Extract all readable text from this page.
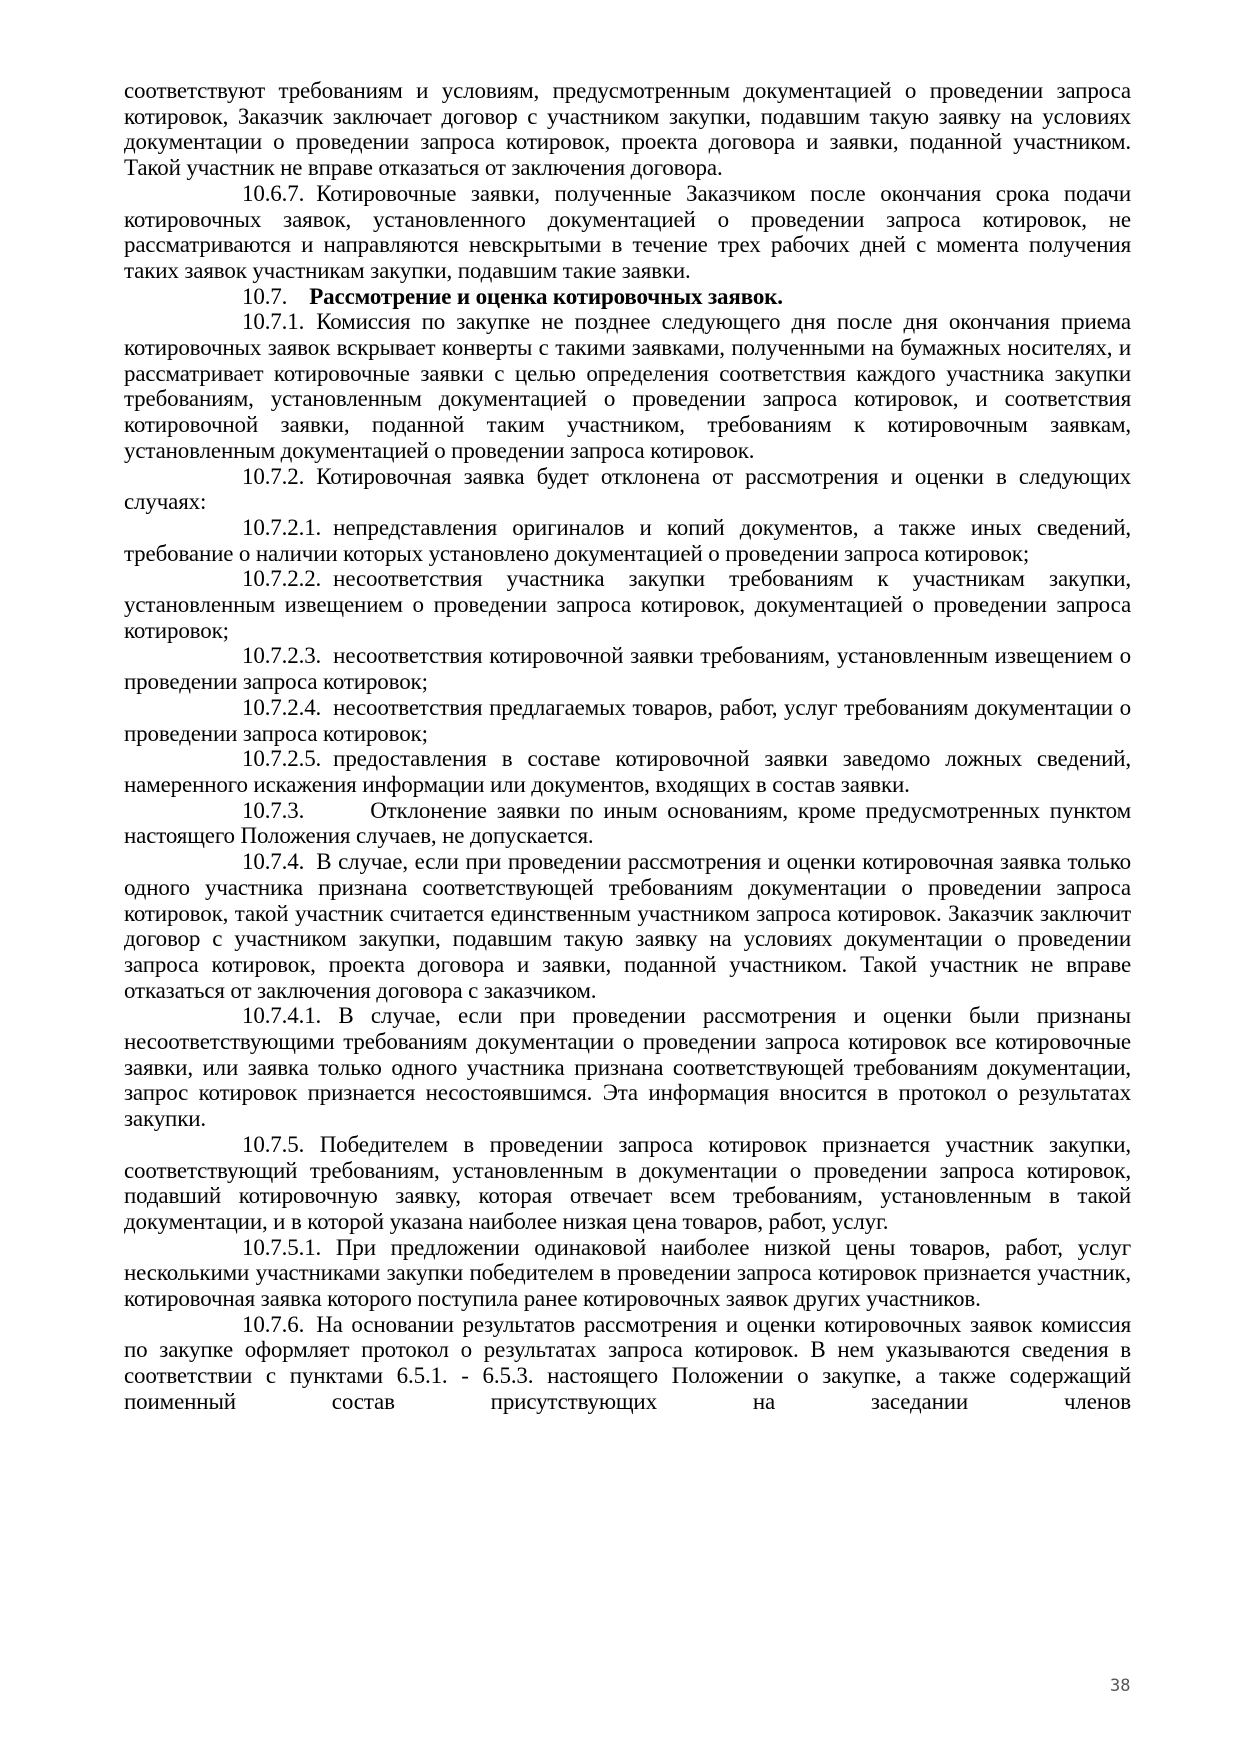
соответствуют требованиям и условиям, предусмотренным документацией о проведении запроса котировок, Заказчик заключает договор с участником закупки, подавшим такую заявку на условиях документации о проведении запроса котировок, проекта договора и заявки, поданной участником. Такой участник не вправе отказаться от заключения договора.

10.6.7. Котировочные заявки, полученные Заказчиком после окончания срока подачи котировочных заявок, установленного документацией о проведении запроса котировок, не рассматриваются и направляются невскрытыми в течение трех рабочих дней с момента получения таких заявок участникам закупки, подавшим такие заявки.

10.7. Рассмотрение и оценка котировочных заявок.

10.7.1. Комиссия по закупке не позднее следующего дня после дня окончания приема котировочных заявок вскрывает конверты с такими заявками, полученными на бумажных носителях, и рассматривает котировочные заявки с целью определения соответствия каждого участника закупки требованиям, установленным документацией о проведении запроса котировок, и соответствия котировочной заявки, поданной таким участником, требованиям к котировочным заявкам, установленным документацией о проведении запроса котировок.

10.7.2. Котировочная заявка будет отклонена от рассмотрения и оценки в следующих случаях:

10.7.2.1. непредставления оригиналов и копий документов, а также иных сведений, требование о наличии которых установлено документацией о проведении запроса котировок;

10.7.2.2. несоответствия участника закупки требованиям к участникам закупки, установленным извещением о проведении запроса котировок, документацией о проведении запроса котировок;

10.7.2.3. несоответствия котировочной заявки требованиям, установленным извещением о проведении запроса котировок;

10.7.2.4. несоответствия предлагаемых товаров, работ, услуг требованиям документации о проведении запроса котировок;

10.7.2.5. предоставления в составе котировочной заявки заведомо ложных сведений, намеренного искажения информации или документов, входящих в состав заявки.

10.7.3.	Отклонение заявки по иным основаниям, кроме предусмотренных пунктом настоящего Положения случаев, не допускается.

10.7.4. В случае, если при проведении рассмотрения и оценки котировочная заявка только одного участника признана соответствующей требованиям документации о проведении запроса котировок, такой участник считается единственным участником запроса котировок. Заказчик заключит договор с участником закупки, подавшим такую заявку на условиях документации о проведении запроса котировок, проекта договора и заявки, поданной участником. Такой участник не вправе отказаться от заключения договора с заказчиком.

10.7.4.1. В случае, если при проведении рассмотрения и оценки были признаны несоответствующими требованиям документации о проведении запроса котировок все котировочные заявки, или заявка только одного участника признана соответствующей требованиям документации, запрос котировок признается несостоявшимся. Эта информация вносится в протокол о результатах закупки.

10.7.5. Победителем в проведении запроса котировок признается участник закупки, соответствующий требованиям, установленным в документации о проведении запроса котировок, подавший котировочную заявку, которая отвечает всем требованиям, установленным в такой документации, и в которой указана наиболее низкая цена товаров, работ, услуг.

10.7.5.1. При предложении одинаковой наиболее низкой цены товаров, работ, услуг несколькими участниками закупки победителем в проведении запроса котировок признается участник, котировочная заявка которого поступила ранее котировочных заявок других участников.

10.7.6. На основании результатов рассмотрения и оценки котировочных заявок комиссия по закупке оформляет протокол о результатах запроса котировок. В нем указываются сведения в соответствии с пунктами 6.5.1. - 6.5.3. настоящего Положении о закупке, а также содержащий поименный состав присутствующих на заседании членов

38
